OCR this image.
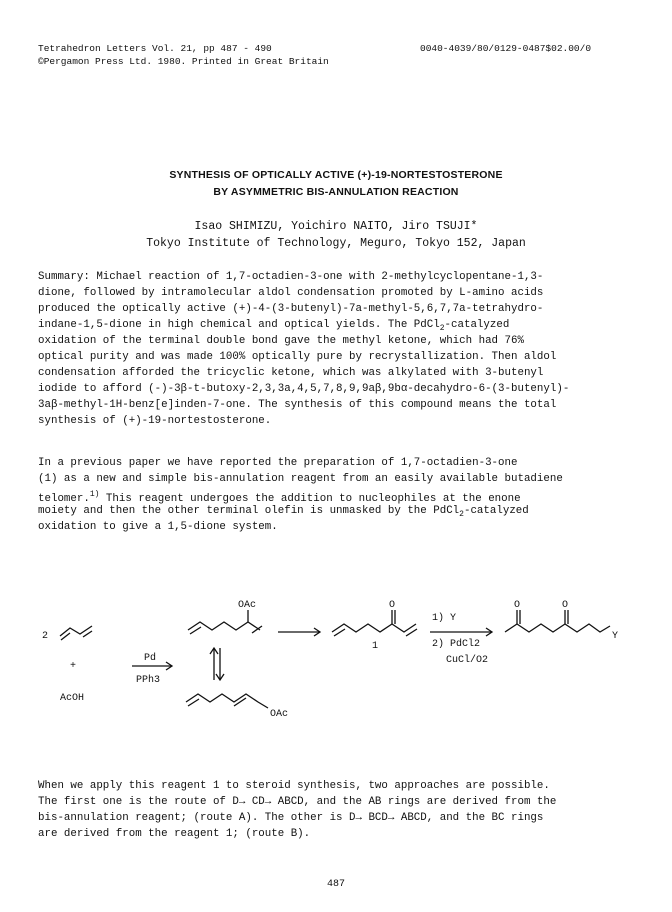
Tetrahedron Letters Vol. 21, pp 487 - 490
©Pergamon Press Ltd. 1980. Printed in Great Britain
0040-4039/80/0129-0487$02.00/0
SYNTHESIS OF OPTICALLY ACTIVE (+)-19-NORTESTOSTERONE
BY ASYMMETRIC BIS-ANNULATION REACTION
Isao SHIMIZU, Yoichiro NAITO, Jiro TSUJI*
Tokyo Institute of Technology, Meguro, Tokyo 152, Japan
Summary: Michael reaction of 1,7-octadien-3-one with 2-methylcyclopentane-1,3-
dione, followed by intramolecular aldol condensation promoted by L-amino acids
produced the optically active (+)-4-(3-butenyl)-7a-methyl-5,6,7,7a-tetrahydro-
indane-1,5-dione in high chemical and optical yields. The PdCl$_2$-catalyzed
oxidation of the terminal double bond gave the methyl ketone, which had 76%
optical purity and was made 100% optically pure by recrystallization. Then aldol
condensation afforded the tricyclic ketone, which was alkylated with 3-butenyl
iodide to afford (-)-3β-t-butoxy-2,3,3a,4,5,7,8,9,9aβ,9bα-decahydro-6-(3-butenyl)-
3aβ-methyl-1H-benz[e]inden-7-one. The synthesis of this compound means the total
synthesis of (+)-19-nortestosterone.
In a previous paper we have reported the preparation of 1,7-octadien-3-one
(1) as a new and simple bis-annulation reagent from an easily available butadiene
telomer.$^{1)}$ This reagent undergoes the addition to nucleophiles at the enone
moiety and then the other terminal olefin is unmasked by the PdCl$_2$-catalyzed
oxidation to give a 1,5-dione system.
2
+
AcOH
Pd
PPh3
OAc
OAc
O
1
1) Y
2) PdCl2
CuCl/O2
O	O
Y
When we apply this reagent 1 to steroid synthesis, two approaches are possible.
The first one is the route of D→ CD→ ABCD, and the AB rings are derived from the
bis-annulation reagent; (route A). The other is D→ BCD→ ABCD, and the BC rings
are derived from the reagent 1; (route B).
487
